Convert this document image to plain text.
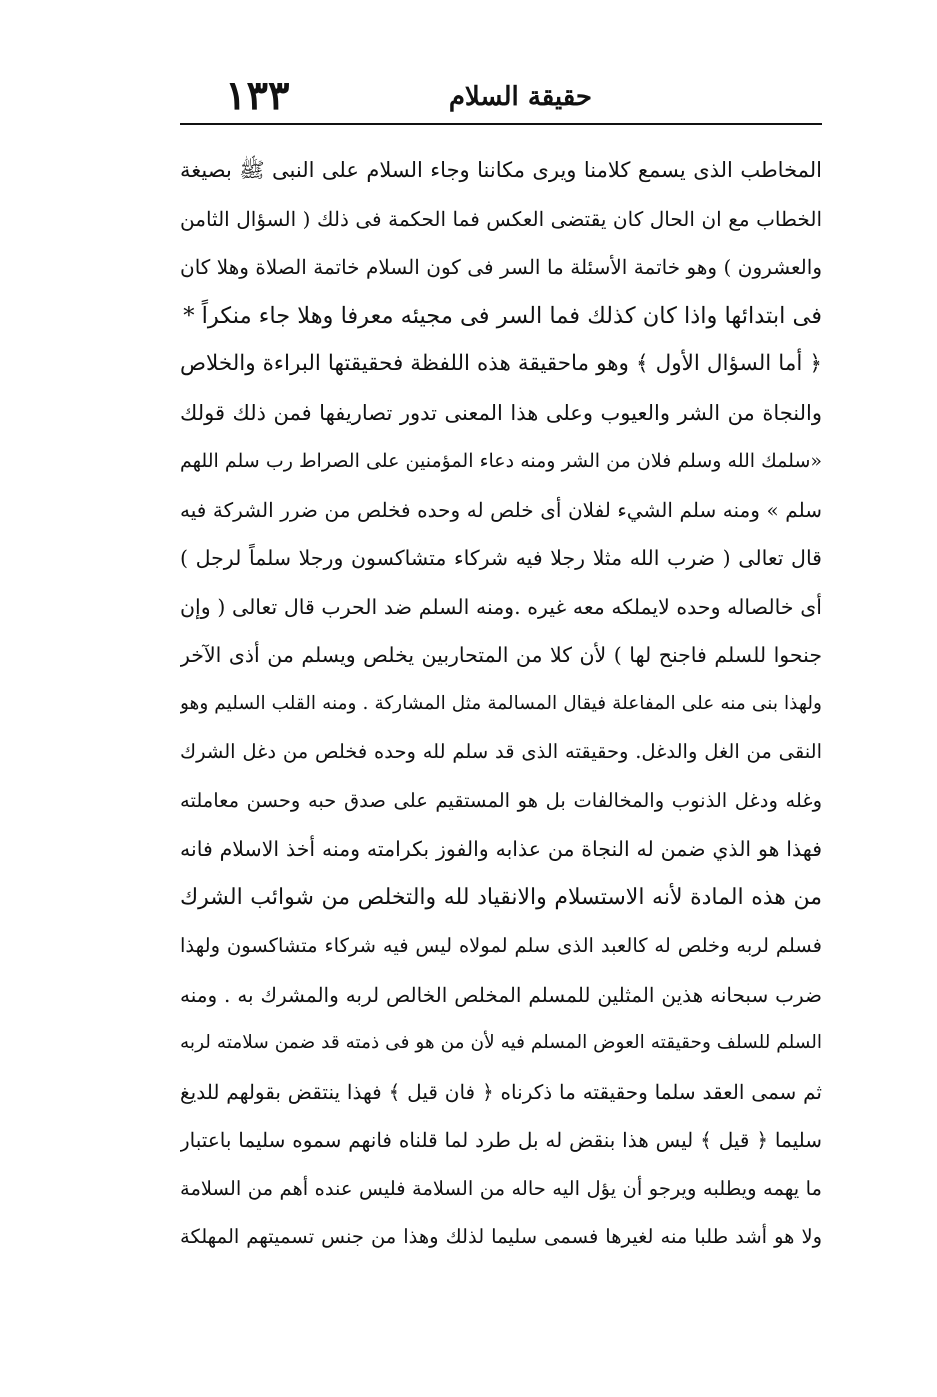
حقيقة السلام
١٣٣
المخاطب الذى يسمع كلامنا ويرى مكاننا وجاء السلام على النبى ﷺ بصيغة
الخطاب مع ان الحال كان يقتضى العكس فما الحكمة فى ذلك ( السؤال الثامن
والعشرون ) وهو خاتمة الأسئلة ما السر فى كون السلام خاتمة الصلاة وهلا كان
فى ابتدائها واذا كان كذلك فما السر فى مجيئه معرفا وهلا جاء منكراً *
﴿ أما السؤال الأول ﴾ وهو ماحقيقة هذه اللفظة فحقيقتها البراءة والخلاص
والنجاة من الشر والعيوب وعلى هذا المعنى تدور تصاريفها فمن ذلك قولك
«سلمك الله وسلم فلان من الشر ومنه دعاء المؤمنين على الصراط رب سلم اللهم
سلم » ومنه سلم الشيء لفلان أى خلص له وحده فخلص من ضرر الشركة فيه
قال تعالى ( ضرب الله مثلا رجلا فيه شركاء متشاكسون ورجلا سلماً لرجل )
أى خالصاله وحده لايملكه معه غيره .ومنه السلم ضد الحرب قال تعالى ( وإن
جنحوا للسلم فاجنح لها ) لأن كلا من المتحاربين يخلص ويسلم من أذى الآخر
ولهذا بنى منه على المفاعلة فيقال المسالمة مثل المشاركة . ومنه القلب السليم وهو
النقى من الغل والدغل. وحقيقته الذى قد سلم لله وحده فخلص من دغل الشرك
وغله ودغل الذنوب والمخالفات بل هو المستقيم على صدق حبه وحسن معاملته
فهذا هو الذي ضمن له النجاة من عذابه والفوز بكرامته ومنه أخذ الاسلام فانه
من هذه المادة لأنه الاستسلام والانقياد لله والتخلص من شوائب الشرك
فسلم لربه وخلص له كالعبد الذى سلم لمولاه ليس فيه شركاء متشاكسون ولهذا
ضرب سبحانه هذين المثلين للمسلم المخلص الخالص لربه والمشرك به . ومنه
السلم للسلف وحقيقته العوض المسلم فيه لأن من هو فى ذمته قد ضمن سلامته لربه
ثم سمى العقد سلما وحقيقته ما ذكرناه ﴿ فان قيل ﴾ فهذا ينتقض بقولهم للديغ
سليما ﴿ قيل ﴾ ليس هذا بنقض له بل طرد لما قلناه فانهم سموه سليما باعتبار
ما يهمه ويطلبه ويرجو أن يؤل اليه حاله من السلامة فليس عنده أهم من السلامة
ولا هو أشد طلبا منه لغيرها فسمى سليما لذلك وهذا من جنس تسميتهم المهلكة
